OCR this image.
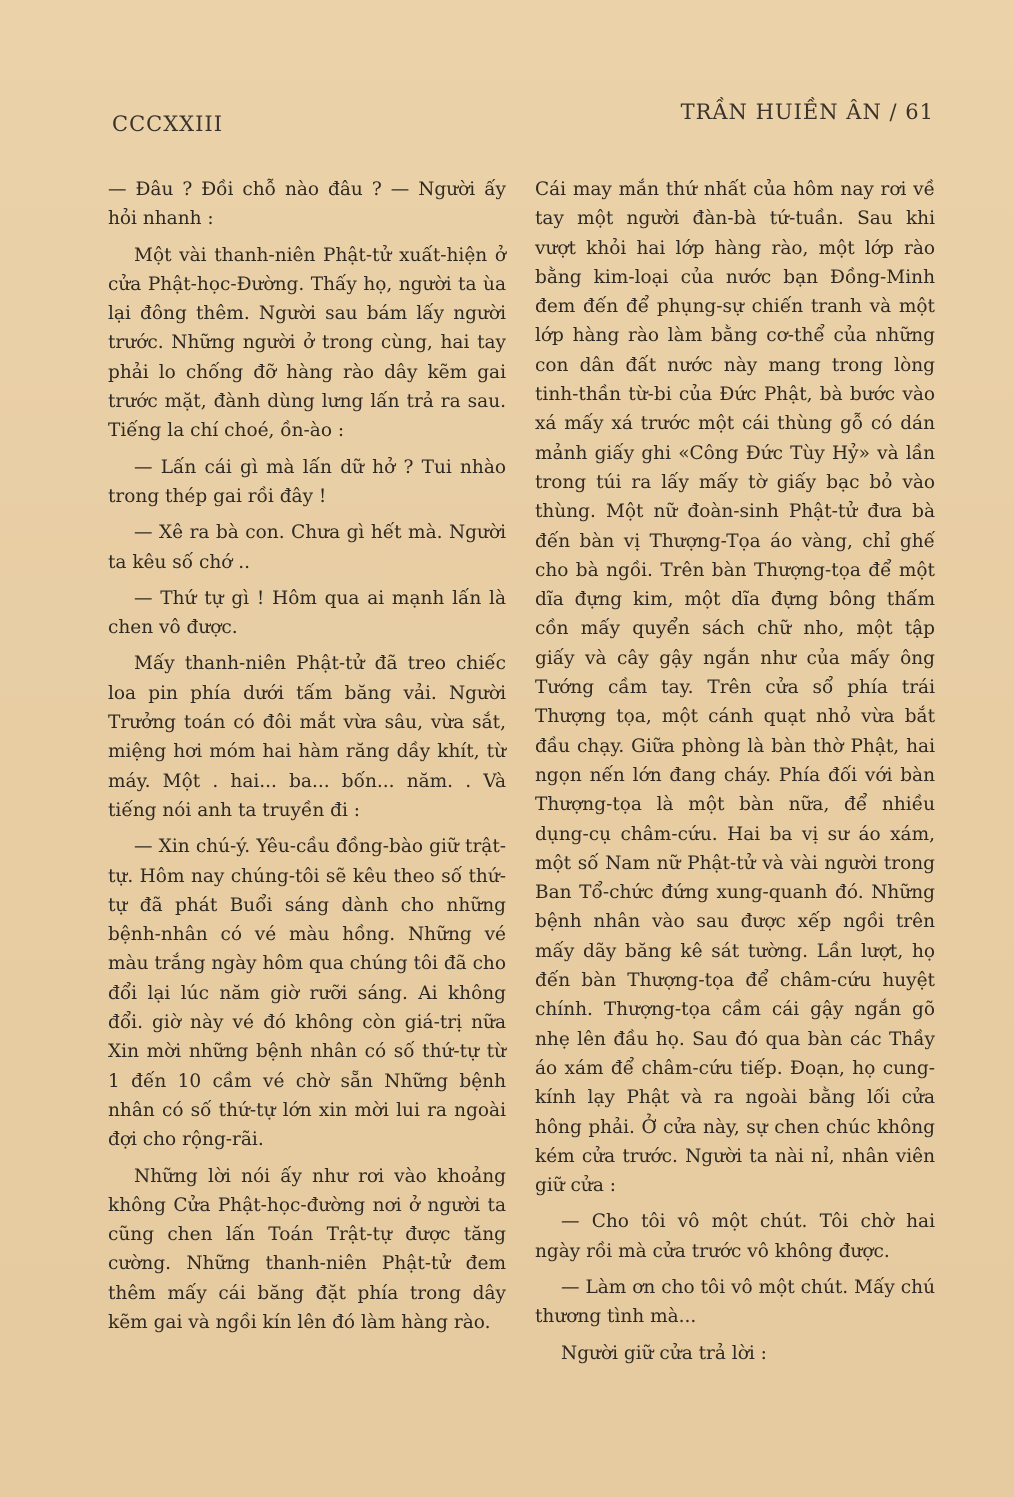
CCCXXIII	TRẦN HUIỀN ÂN / 61

— Đâu ? Đồi chỗ nào đâu ? — Người ấy hỏi nhanh :

Một vài thanh-niên Phật-tử xuất-hiện ở cửa Phật-học-Đường. Thấy họ, người ta ùa lại đông thêm. Người sau bám lấy người trước. Những người ở trong cùng, hai tay phải lo chống đỡ hàng rào dây kẽm gai trước mặt, đành dùng lưng lấn trả ra sau. Tiếng la chí choé, ồn-ào :

— Lấn cái gì mà lấn dữ hở ? Tui nhào trong thép gai rồi đây !

— Xê ra bà con. Chưa gì hết mà. Người ta kêu số chớ ..

— Thứ tự gì ! Hôm qua ai mạnh lấn là chen vô được.

Mấy thanh-niên Phật-tử đã treo chiếc loa pin phía dưới tấm băng vải. Người Trưởng toán có đôi mắt vừa sâu, vừa sắt, miệng hơi móm hai hàm răng dầy khít, từ máy. Một . hai... ba... bốn... năm. . Và tiếng nói anh ta truyền đi :

— Xin chú-ý. Yêu-cầu đồng-bào giữ trật-tự. Hôm nay chúng-tôi sẽ kêu theo số thứ-tự đã phát Buổi sáng dành cho những bệnh-nhân có vé màu hồng. Những vé màu trắng ngày hôm qua chúng tôi đã cho đổi lại lúc năm giờ rưỡi sáng. Ai không đổi. giờ này vé đó không còn giá-trị nữa Xin mời những bệnh nhân có số thứ-tự từ 1 đến 10 cầm vé chờ sẵn Những bệnh nhân có số thứ-tự lớn xin mời lui ra ngoài đợi cho rộng-rãi.

Những lời nói ấy như rơi vào khoảng không Cửa Phật-học-đường nơi ở người ta cũng chen lấn Toán Trật-tự được tăng cường. Những thanh-niên Phật-tử đem thêm mấy cái băng đặt phía trong dây kẽm gai và ngồi kín lên đó làm hàng rào.

Cái may mắn thứ nhất của hôm nay rơi về tay một người đàn-bà tứ-tuần. Sau khi vượt khỏi hai lớp hàng rào, một lớp rào bằng kim-loại của nước bạn Đồng-Minh đem đến để phụng-sự chiến tranh và một lớp hàng rào làm bằng cơ-thể của những con dân đất nước này mang trong lòng tinh-thần từ-bi của Đức Phật, bà bước vào xá mấy xá trước một cái thùng gỗ có dán mảnh giấy ghi «Công Đức Tùy Hỷ» và lần trong túi ra lấy mấy tờ giấy bạc bỏ vào thùng. Một nữ đoàn-sinh Phật-tử đưa bà đến bàn vị Thượng-Tọa áo vàng, chỉ ghế cho bà ngồi. Trên bàn Thượng-tọa để một dĩa đựng kim, một dĩa đựng bông thấm cồn mấy quyển sách chữ nho, một tập giấy và cây gậy ngắn như của mấy ông Tướng cầm tay. Trên cửa sổ phía trái Thượng tọa, một cánh quạt nhỏ vừa bắt đầu chạy. Giữa phòng là bàn thờ Phật, hai ngọn nến lớn đang cháy. Phía đối với bàn Thượng-tọa là một bàn nữa, để nhiều dụng-cụ châm-cứu. Hai ba vị sư áo xám, một số Nam nữ Phật-tử và vài người trong Ban Tổ-chức đứng xung-quanh đó. Những bệnh nhân vào sau được xếp ngồi trên mấy dãy băng kê sát tường. Lần lượt, họ đến bàn Thượng-tọa để châm-cứu huyệt chính. Thượng-tọa cầm cái gậy ngắn gõ nhẹ lên đầu họ. Sau đó qua bàn các Thầy áo xám để châm-cứu tiếp. Đoạn, họ cung-kính lạy Phật và ra ngoài bằng lối cửa hông phải. Ở cửa này, sự chen chúc không kém cửa trước. Người ta nài nỉ, nhân viên giữ cửa :

— Cho tôi vô một chút. Tôi chờ hai ngày rồi mà cửa trước vô không được.

— Làm ơn cho tôi vô một chút. Mấy chú thương tình mà...

Người giữ cửa trả lời :
